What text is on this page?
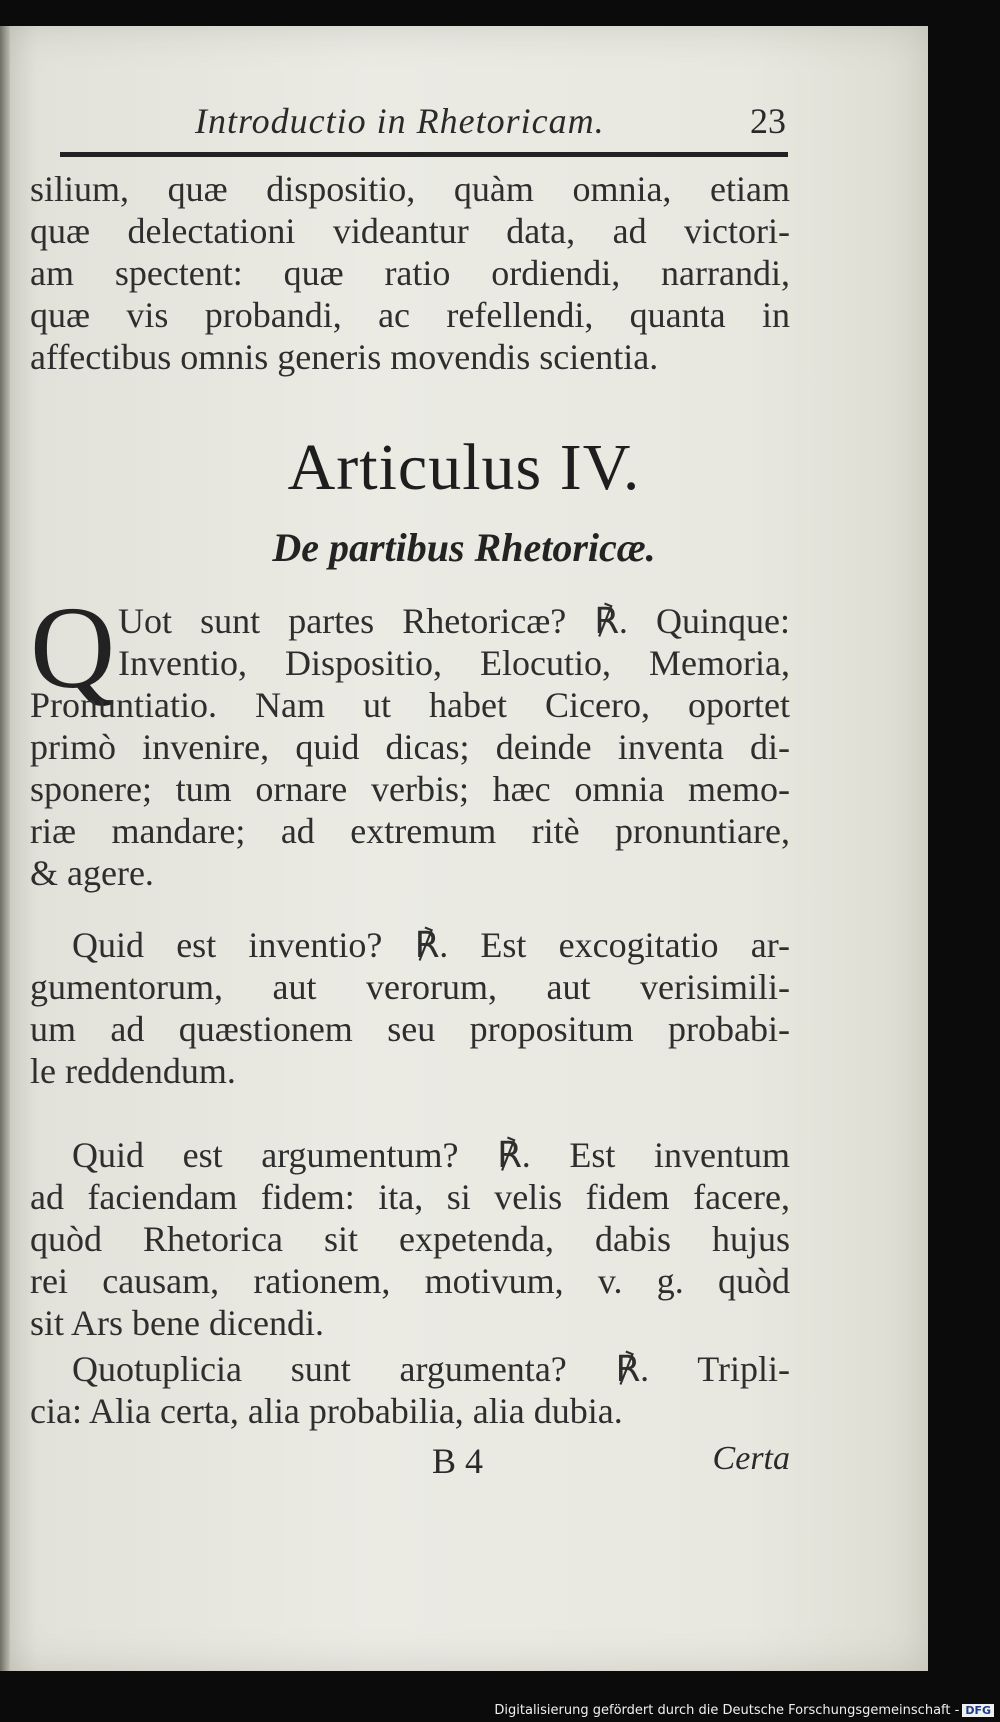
Introductio in Rhetoricam.	23
silium, quæ dispositio, quàm omnia, etiam
quæ delectationi videantur data, ad victori-
am spectent: quæ ratio ordiendi, narrandi,
quæ vis probandi, ac refellendi, quanta in
affectibus omnis generis movendis scientia.
Articulus IV.
De partibus Rhetoricæ.
Q Uot sunt partes Rhetoricæ? ℟. Quinque:
Inventio, Dispositio, Elocutio, Memoria,
Pronuntiatio. Nam ut habet Cicero, oportet
primò invenire, quid dicas; deinde inventa di-
sponere; tum ornare verbis; hæc omnia memo-
riæ mandare; ad extremum ritè pronuntiare,
& agere.
Quid est inventio? ℟. Est excogitatio ar-
gumentorum, aut verorum, aut verisimili-
um ad quæstionem seu propositum probabi-
le reddendum.
Quid est argumentum? ℟. Est inventum
ad faciendam fidem: ita, si velis fidem facere,
quòd Rhetorica sit expetenda, dabis hujus
rei causam, rationem, motivum, v. g. quòd
sit Ars bene dicendi.
Quotuplicia sunt argumenta? ℟. Tripli-
cia: Alia certa, alia probabilia, alia dubia.
B 4	Certa
Digitalisierung gefördert durch die Deutsche Forschungsgemeinschaft - DFG
